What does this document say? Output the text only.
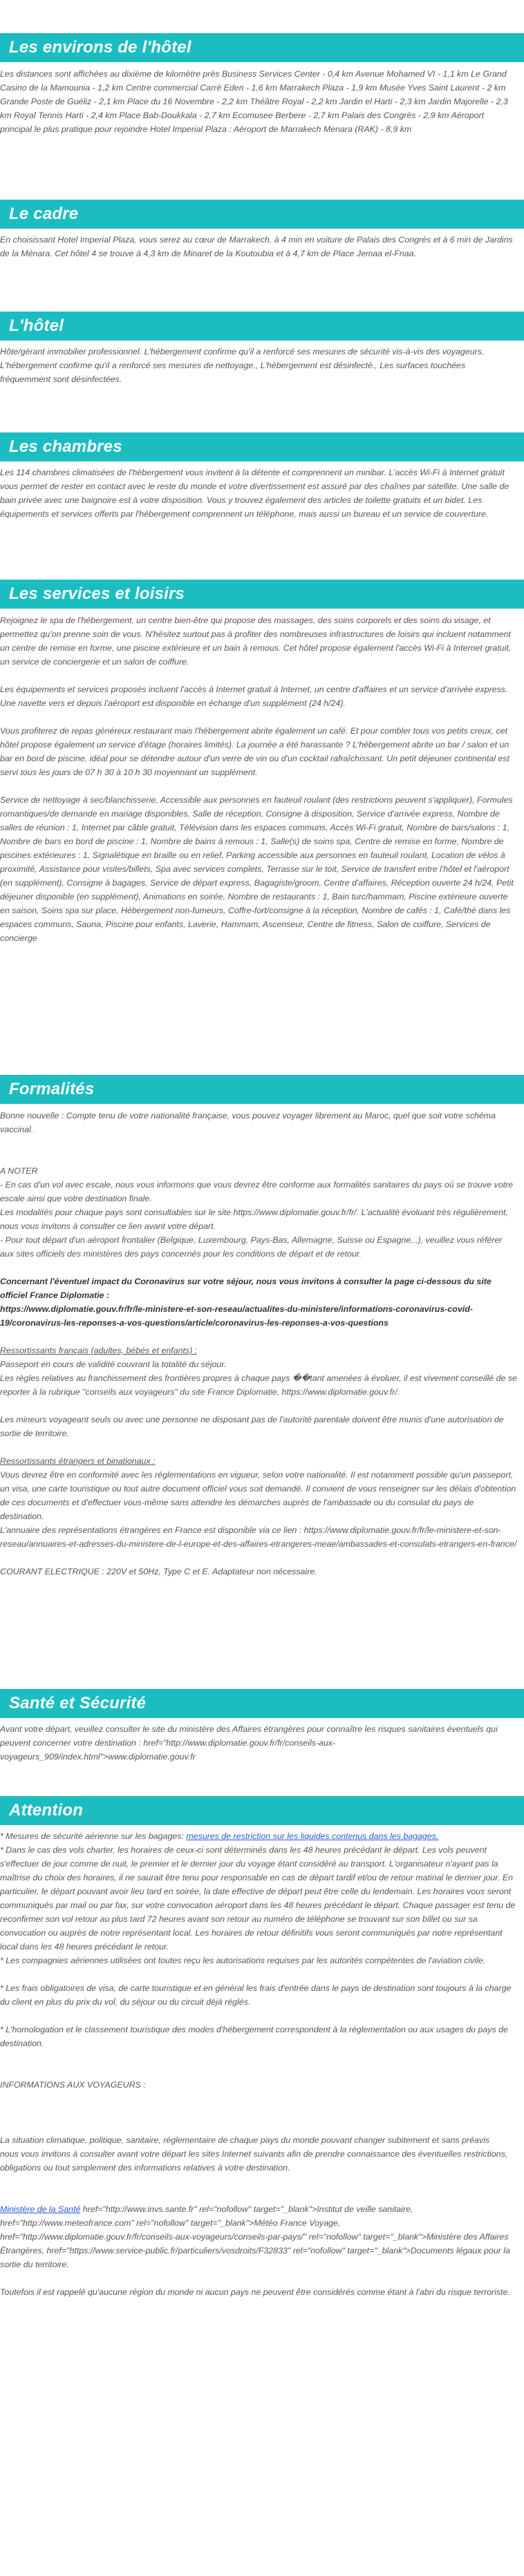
Les environs de l'hôtel

Les distances sont affichées au dixième de kilomètre près Business Services Center - 0,4 km Avenue Mohamed VI - 1,1 km Le Grand Casino de la Mamounia - 1,2 km Centre commercial Carré Eden - 1,6 km Marrakech Plaza - 1,9 km Musée Yves Saint Laurent - 2 km Grande Poste de Guéliz - 2,1 km Place du 16 Novembre - 2,2 km Théâtre Royal - 2,2 km Jardin el Harti - 2,3 km Jardin Majorelle - 2,3 km Royal Tennis Harti - 2,4 km Place Bab-Doukkala - 2,7 km Ecomusee Berbere - 2,7 km Palais des Congrès - 2,9 km Aéroport principal le plus pratique pour rejoindre Hotel Imperial Plaza : Aéroport de Marrakech Menara (RAK) - 8,9 km

Le cadre

En choisissant Hotel Imperial Plaza, vous serez au cœur de Marrakech, à 4 min en voiture de Palais des Congrès et à 6 min de Jardins de la Ménara. Cet hôtel 4 se trouve à 4,3 km de Minaret de la Koutoubia et à 4,7 km de Place Jemaa el-Fnaa.

L'hôtel

Hôte/gérant immobilier professionnel. L'hébergement confirme qu'il a renforcé ses mesures de sécurité vis-à-vis des voyageurs. L'hébergement confirme qu'il a renforcé ses mesures de nettoyage., L'hébergement est désinfecté., Les surfaces touchées fréquemment sont désinfectées.

Les chambres

Les 114 chambres climatisées de l'hébergement vous invitent à la détente et comprennent un minibar. L'accès Wi-Fi à Internet gratuit vous permet de rester en contact avec le reste du monde et votre divertissement est assuré par des chaînes par satellite. Une salle de bain privée avec une baignoire est à votre disposition. Vous y trouvez également des articles de toilette gratuits et un bidet. Les équipements et services offerts par l'hébergement comprennent un téléphone, mais aussi un bureau et un service de couverture.

Les services et loisirs

Rejoignez le spa de l'hébergement, un centre bien-être qui propose des massages, des soins corporels et des soins du visage, et permettez qu'on prenne soin de vous. N'hésitez surtout pas à profiter des nombreuses infrastructures de loisirs qui incluent notamment un centre de remise en forme, une piscine extérieure et un bain à remous. Cet hôtel propose également l'accès Wi-Fi à Internet gratuit, un service de conciergerie et un salon de coiffure.

Les équipements et services proposés incluent l'accès à Internet gratuit à Internet, un centre d'affaires et un service d'arrivée express. Une navette vers et depuis l'aéroport est disponible en échange d'un supplément (24 h/24).

Vous profiterez de repas généreux restaurant mais l'hébergement abrite également un café. Et pour combler tous vos petits creux, cet hôtel propose également un service d'étage (horaires limités). La journée a été harassante ? L'hébergement abrite un bar / salon et un bar en bord de piscine, idéal pour se détendre autour d'un verre de vin ou d'un cocktail rafraîchissant. Un petit déjeuner continental est servi tous les jours de 07 h 30 à 10 h 30 moyennant un supplément.

Service de nettoyage à sec/blanchisserie, Accessible aux personnes en fauteuil roulant (des restrictions peuvent s'appliquer), Formules romantiques/de demande en mariage disponibles, Salle de réception, Consigne à disposition, Service d'arrivée express, Nombre de salles de réunion : 1, Internet par câble gratuit, Télévision dans les espaces communs, Accès Wi-Fi gratuit, Nombre de bars/salons : 1, Nombre de bars en bord de piscine : 1, Nombre de bains à remous : 1, Salle(s) de soins spa, Centre de remise en forme, Nombre de piscines extérieures : 1, Signalétique en braille ou en relief, Parking accessible aux personnes en fauteuil roulant, Location de vélos à proximité, Assistance pour visites/billets, Spa avec services complets, Terrasse sur le toit, Service de transfert entre l'hôtel et l'aéroport (en supplément), Consigne à bagages, Service de départ express, Bagagiste/groom, Centre d'affaires, Réception ouverte 24 h/24, Petit déjeuner disponible (en supplément), Animations en soirée, Nombre de restaurants : 1, Bain turc/hammam, Piscine extérieure ouverte en saison, Soins spa sur place, Hébergement non-fumeurs, Coffre-fort/consigne à la réception, Nombre de cafés : 1, Café/thé dans les espaces communs, Sauna, Piscine pour enfants, Laverie, Hammam, Ascenseur, Centre de fitness, Salon de coiffure, Services de concierge

Formalités

Bonne nouvelle : Compte tenu de votre nationalité française, vous pouvez voyager librement au Maroc, quel que soit votre schéma vaccinal.

A NOTER

- En cas d'un vol avec escale, nous vous informons que vous devrez être conforme aux formalités sanitaires du pays où se trouve votre escale ainsi que votre destination finale.

Les modalités pour chaque pays sont consultables sur le site https://www.diplomatie.gouv.fr/fr/. L'actualité évoluant très régulièrement, nous vous invitons à consulter ce lien avant votre départ.

- Pour tout départ d'un aéroport frontalier (Belgique, Luxembourg, Pays-Bas, Allemagne, Suisse ou Espagne...), veuillez vous référer aux sites officiels des ministères des pays concernés pour les conditions de départ et de retour.

Concernant l'éventuel impact du Coronavirus sur votre séjour, nous vous invitons à consulter la page ci-dessous du site officiel France Diplomatie :

https://www.diplomatie.gouv.fr/fr/le-ministere-et-son-reseau/actualites-du-ministere/informations-coronavirus-covid-19/coronavirus-les-reponses-a-vos-questions/article/coronavirus-les-reponses-a-vos-questions

Ressortissants français (adultes, bébés et enfants) :

Passeport en cours de validité couvrant la totalité du séjour.

Les règles relatives au franchissement des frontières propres à chaque pays ��tant amenées à évoluer, il est vivement conseillé de se reporter à la rubrique "conseils aux voyageurs" du site France Diplomatie, https://www.diplomatie.gouv.fr/.

Les mineurs voyageant seuls ou avec une personne ne disposant pas de l'autorité parentale doivent être munis d'une autorisation de sortie de territoire.

Ressortissants étrangers et binationaux :

Vous devrez être en conformité avec les réglementations en vigueur, selon votre nationalité. Il est notamment possible qu'un passeport, un visa, une carte touristique ou tout autre document officiel vous soit demandé. Il convient de vous renseigner sur les délais d'obtention de ces documents et d'effectuer vous-même sans attendre les démarches auprès de l'ambassade ou du consulat du pays de destination.

L'annuaire des représentations étrangères en France est disponible via ce lien : https://www.diplomatie.gouv.fr/fr/le-ministere-et-son-reseau/annuaires-et-adresses-du-ministere-de-l-europe-et-des-affaires-etrangeres-meae/ambassades-et-consulats-etrangers-en-france/

COURANT ELECTRIQUE : 220V et 50Hz, Type C et E. Adaptateur non nécessaire.

Santé et Sécurité

Avant votre départ, veuillez consulter le site du ministère des Affaires étrangères pour connaître les risques sanitaires éventuels qui peuvent concerner votre destination : href="http://www.diplomatie.gouv.fr/fr/conseils-aux-voyageurs_909/index.html">www.diplomatie.gouv.fr

Attention

* Mesures de sécurité aérienne sur les bagages: mesures de restriction sur les liquides contenus dans les bagages.

* Dans le cas des vols charter, les horaires de ceux-ci sont déterminés dans les 48 heures précédant le départ. Les vols peuvent s'effectuer de jour comme de nuit, le premier et le dernier jour du voyage étant considéré au transport. L'organisateur n'ayant pas la maîtrise du choix des horaires, il ne saurait être tenu pour responsable en cas de départ tardif et/ou de retour matinal le dernier jour. En particulier, le départ pouvant avoir lieu tard en soirée, la date effective de départ peut être celle du lendemain. Les horaires vous seront communiqués par mail ou par fax, sur votre convocation aéroport dans les 48 heures précédant le départ. Chaque passager est tenu de reconfirmer son vol retour au plus tard 72 heures avant son retour au numéro de téléphone se trouvant sur son billet ou sur sa convocation ou auprès de notre représentant local. Les horaires de retour définitifs vous seront communiqués par notre représentant local dans les 48 heures précédant le retour.

* Les compagnies aériennes utilisées ont toutes reçu les autorisations requises par les autorités compétentes de l'aviation civile.

* Les frais obligatoires de visa, de carte touristique et en général les frais d'entrée dans le pays de destination sont toujours à la charge du client en plus du prix du vol, du séjour ou du circuit déjà réglés.

* L'homologation et le classement touristique des modes d'hébergement correspondent à la réglementation ou aux usages du pays de destination.

INFORMATIONS AUX VOYAGEURS :

La situation climatique, politique, sanitaire, réglementaire de chaque pays du monde pouvant changer subitement et sans préavis

nous vous invitons à consulter avant votre départ les sites Internet suivants afin de prendre connaissance des éventuelles restrictions, obligations ou tout simplement des informations relatives à votre destination.

Ministère de la Santé href="http://www.invs.sante.fr" rel="nofollow" target="_blank">Institut de veille sanitaire, href="http://www.meteofrance.com" rel="nofollow" target="_blank">Météo France Voyage, href="http://www.diplomatie.gouv.fr/fr/conseils-aux-voyageurs/conseils-par-pays/" rel="nofollow" target="_blank">Ministère des Affaires Étrangères, href="https://www.service-public.fr/particuliers/vosdroits/F32833" rel="nofollow" target="_blank">Documents légaux pour la sortie du territoire.

Toutefois il est rappelé qu'aucune région du monde ni aucun pays ne peuvent être considérés comme étant à l'abri du risque terroriste.
